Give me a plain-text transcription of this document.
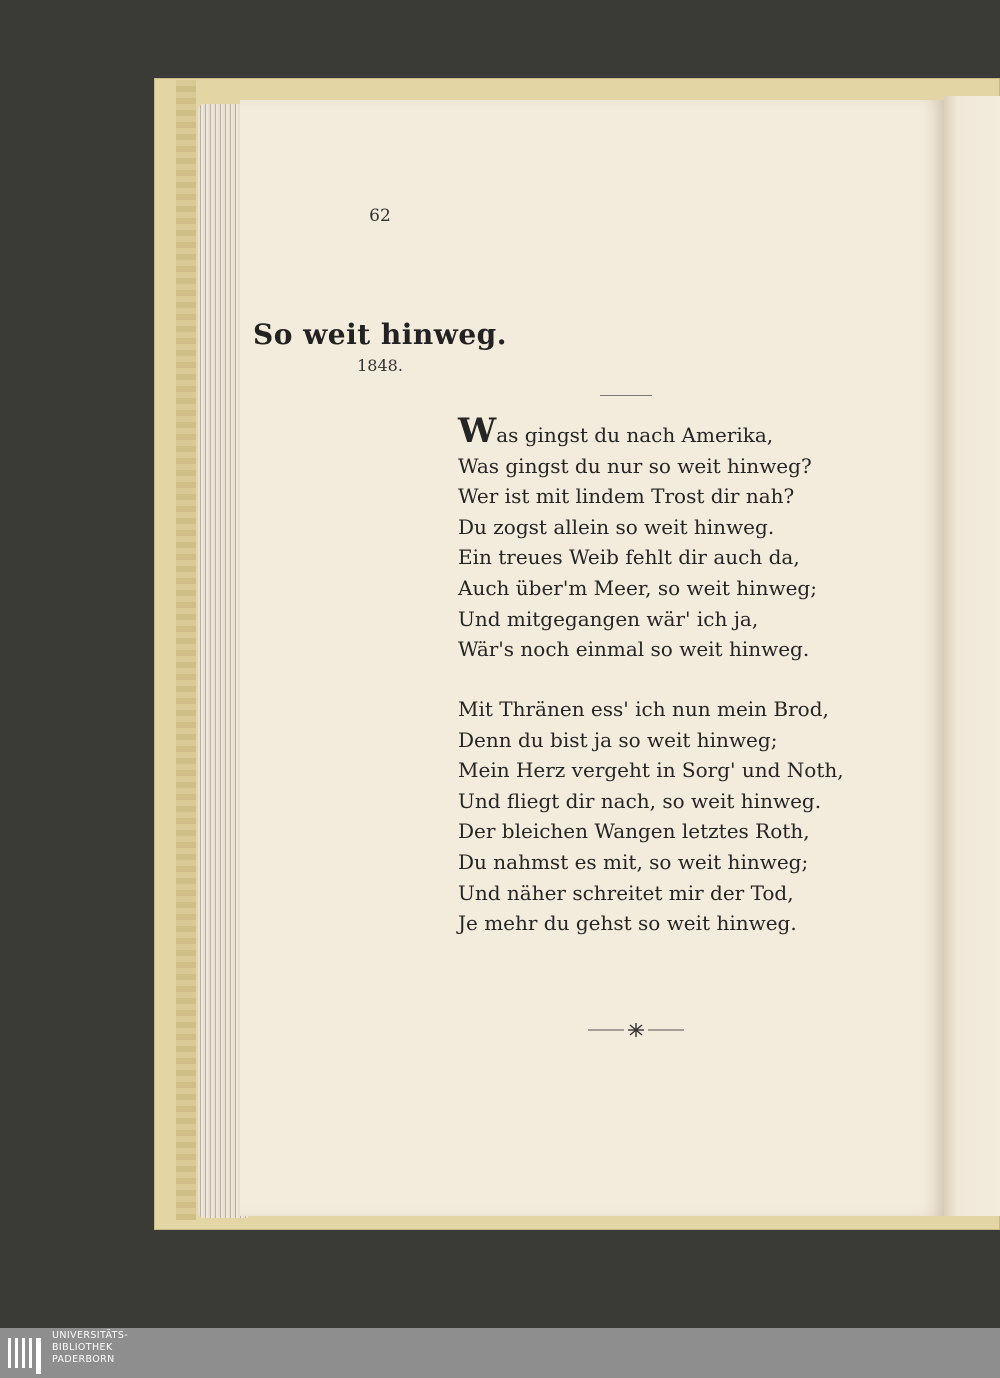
62
So weit hinweg.
1848.
Was gingst du nach Amerika,
Was gingst du nur so weit hinweg?
Wer ist mit lindem Trost dir nah?
Du zogst allein so weit hinweg.
Ein treues Weib fehlt dir auch da,
Auch über'm Meer, so weit hinweg;
Und mitgegangen wär' ich ja,
Wär's noch einmal so weit hinweg.
Mit Thränen ess' ich nun mein Brod,
Denn du bist ja so weit hinweg;
Mein Herz vergeht in Sorg' und Noth,
Und fliegt dir nach, so weit hinweg.
Der bleichen Wangen letztes Roth,
Du nahmst es mit, so weit hinweg;
Und näher schreitet mir der Tod,
Je mehr du gehst so weit hinweg.
UNIVERSITÄTS-
BIBLIOTHEK
PADERBORN
